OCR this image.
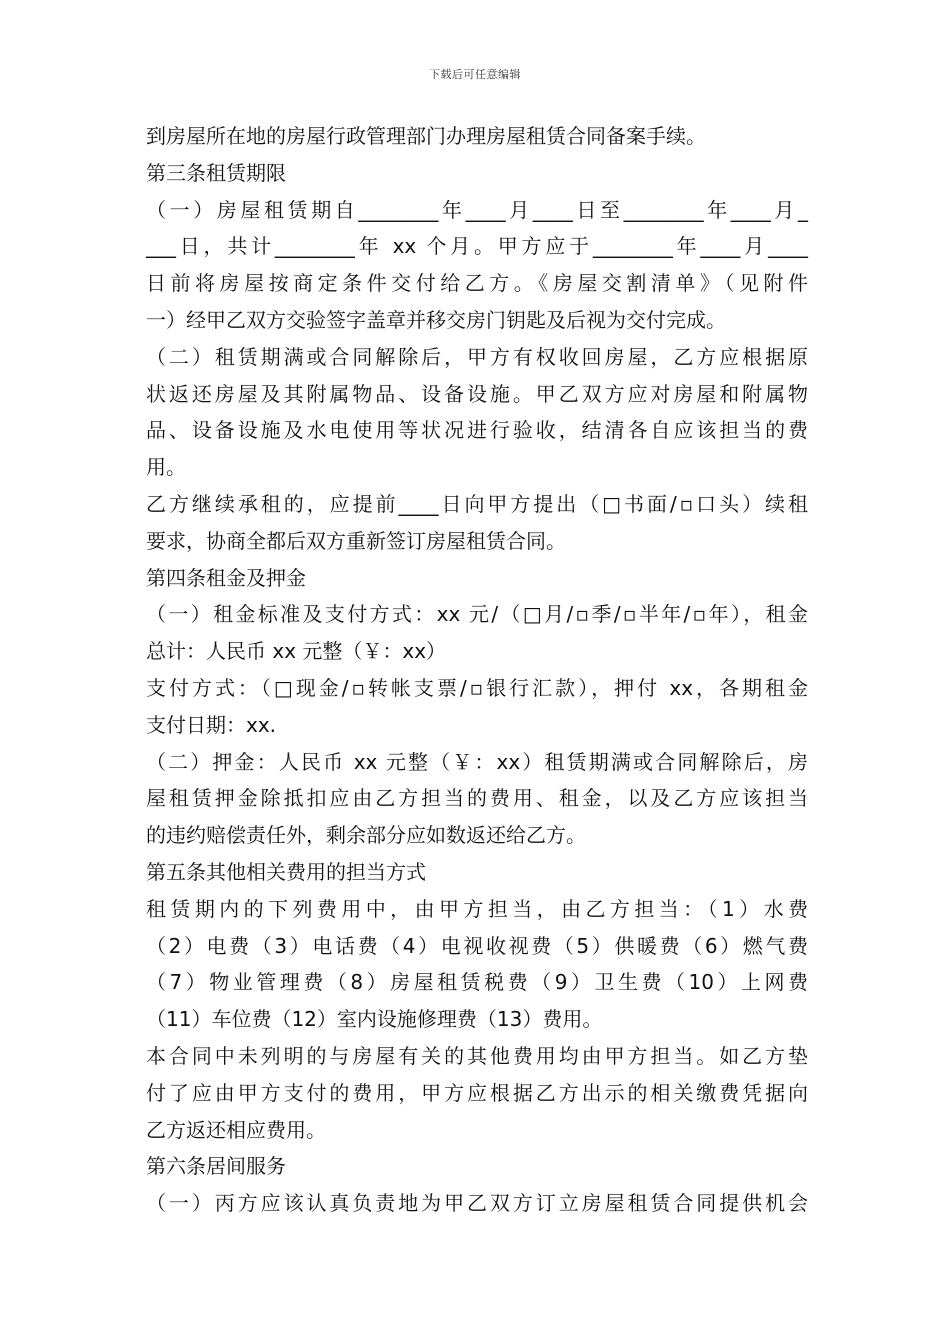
下载后可任意编辑
到房屋所在地的房屋行政管理部门办理房屋租赁合同备案手续。
第三条租赁期限
（一）房屋租赁期自________年____月____日至________年____月_
___日，共计________年 xx 个月。甲方应于________年____月____
日前将房屋按商定条件交付给乙方。《房屋交割清单》（见附件
一）经甲乙双方交验签字盖章并移交房门钥匙及后视为交付完成。
（二）租赁期满或合同解除后，甲方有权收回房屋，乙方应根据原
状返还房屋及其附属物品、设备设施。甲乙双方应对房屋和附属物
品、设备设施及水电使用等状况进行验收，结清各自应该担当的费
用。
乙方继续承租的，应提前____日向甲方提出（□书面/▫口头）续租
要求，协商全都后双方重新签订房屋租赁合同。
第四条租金及押金
（一）租金标准及支付方式：xx 元/（□月/▫季/▫半年/▫年），租金
总计：人民币 xx 元整（￥：xx）
支付方式：（□现金/▫转帐支票/▫银行汇款），押付 xx，各期租金
支付日期：xx.
（二）押金：人民币 xx 元整（￥：xx）租赁期满或合同解除后，房
屋租赁押金除抵扣应由乙方担当的费用、租金，以及乙方应该担当
的违约赔偿责任外，剩余部分应如数返还给乙方。
第五条其他相关费用的担当方式
租赁期内的下列费用中，由甲方担当，由乙方担当：（1）水费
（2）电费（3）电话费（4）电视收视费（5）供暖费（6）燃气费
（7）物业管理费（8）房屋租赁税费（9）卫生费（10）上网费
（11）车位费（12）室内设施修理费（13）费用。
本合同中未列明的与房屋有关的其他费用均由甲方担当。如乙方垫
付了应由甲方支付的费用，甲方应根据乙方出示的相关缴费凭据向
乙方返还相应费用。
第六条居间服务
（一）丙方应该认真负责地为甲乙双方订立房屋租赁合同提供机会
